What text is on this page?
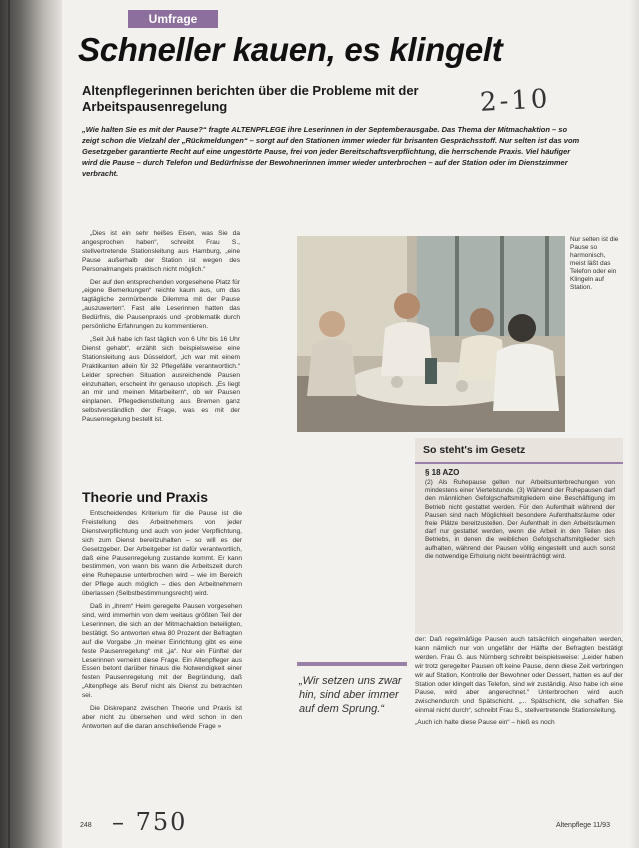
Umfrage
Schneller kauen, es klingelt
Altenpflegerinnen berichten über die Probleme mit der Arbeitspausenregelung	2-10

„Wie halten Sie es mit der Pause?“ fragte ALTENPFLEGE ihre Leserinnen in der Septemberausgabe. Das Thema der Mitmachaktion – so zeigt schon die Vielzahl der „Rückmeldungen“ – sorgt auf den Stationen immer wieder für brisanten Gesprächsstoff. Nur selten ist das vom Gesetzgeber garantierte Recht auf eine ungestörte Pause, frei von jeder Bereitschaftsverpflichtung, die herrschende Praxis. Viel häufiger wird die Pause – durch Telefon und Bedürfnisse der Bewohnerinnen immer wieder unterbrochen – auf der Station oder im Dienstzimmer verbracht.

„Dies ist ein sehr heißes Eisen, was Sie da angesprochen haben“, schreibt Frau S., stellvertretende Stationsleitung aus Hamburg, „eine Pause außerhalb der Station ist wegen des Personalmangels praktisch nicht möglich.“

Der auf den entsprechenden vorgesehene Platz für „eigene Bemerkungen“ reichte kaum aus, um das tagtägliche zermürbende Dilemma mit der Pause „auszuwerten“. Fast alle Leserinnen hatten das Bedürfnis, die Pausenpraxis und -problematik durch persönliche Erfahrungen zu kommentieren.

„Seit Juli habe ich fast täglich von 6 Uhr bis 16 Uhr Dienst gehabt“, erzählt sich beispielsweise eine Stationsleitung aus Düsseldorf, „ich war mit einem Praktikanten allein für 32 Pflegefälle verantwortlich.“ Leider sprechen Situation ausreichende Pausen einzuhalten, erscheint ihr genauso utopisch. „Es liegt an mir und meinen Mitarbeitern“, ob wir Pausen einplanen. Pflegedienstleitung aus Bremen ganz selbstverständlich der Frage, was es mit der Pausenregelung bestellt ist.

Theorie und Praxis

Entscheidendes Kriterium für die Pause ist die Freistellung des Arbeitnehmers von jeder Dienstverpflichtung und auch von jeder Verpflichtung, sich zum Dienst bereitzuhalten – so will es der Gesetzgeber. Der Arbeitgeber ist dafür verantwortlich, daß eine Pausenregelung zustande kommt. Er kann bestimmen, von wann bis wann die Arbeitszeit durch eine Ruhepause unterbrochen wird – wie im Bereich der Pflege auch möglich – dies den Arbeitnehmern überlassen (Selbstbestimmungsrecht) wird.

Daß in „ihrem“ Heim geregelte Pausen vorgesehen sind, wird immerhin von dem weitaus größten Teil der Leserinnen, die sich an der Mitmachaktion beteiligten, bestätigt. So antworten etwa 80 Prozent der Befragten auf die Vorgabe „In meiner Einrichtung gibt es eine feste Pausenregelung“ mit „ja“. Nur ein Fünftel der Leserinnen verneint diese Frage. Ein Altenpfleger aus Essen betont darüber hinaus die Notwendigkeit einer festen Pausenregelung mit der Begründung, daß „Altenpflege als Beruf nicht als Dienst zu betrachten sei.

Die Diskrepanz zwischen Theorie und Praxis ist aber nicht zu übersehen und wird schon in den Antworten auf die daran anschließende Frage »

Nur selten ist die Pause so harmonisch, meist läßt das Telefon oder ein Klingeln auf Station.

So steht's im Gesetz
§ 18 AZO

(2) Als Ruhepause gelten nur Arbeitsunterbrechungen von mindestens einer Viertelstunde. (3) Während der Ruhepausen darf den männlichen Gefolgschaftsmitgliedern eine Beschäftigung im Betrieb nicht gestattet werden. Für den Aufenthalt während der Pausen sind nach Möglichkeit besondere Aufenthaltsräume oder freie Plätze bereitzustellen. Der Aufenthalt in den Arbeitsräumen darf nur gestattet werden, wenn die Arbeit in den Teilen des Betriebs, in denen die weiblichen Gefolgschaftsmitglieder sich aufhalten, während der Pausen völlig eingestellt und auch sonst die notwendige Erholung nicht beeinträchtigt wird.

„Wir setzen uns zwar hin, sind aber immer auf dem Sprung.“

der: Daß regelmäßige Pausen auch tatsächlich eingehalten werden, kann nämlich nur von ungefähr der Hälfte der Befragten bestätigt werden. Frau G. aus Nürnberg schreibt beispielsweise: „Leider haben wir trotz geregelter Pausen oft keine Pause, denn diese Zeit verbringen wir auf Station, Kontrolle der Bewohner oder Dessert, hatten es auf der Station oder klingelt das Telefon, sind wir zuständig. Also habe ich eine Pause, wird aber angerechnet.“ Unterbrochen wird auch zwischendurch und Spätschicht. „... Spätschicht, die schaffen Sie einmal nicht durch“, schreibt Frau S., stellvertretende Stationsleitung.

„Auch ich halte diese Pause ein“ – hieß es noch

248 – 750	Altenpflege 11/93
